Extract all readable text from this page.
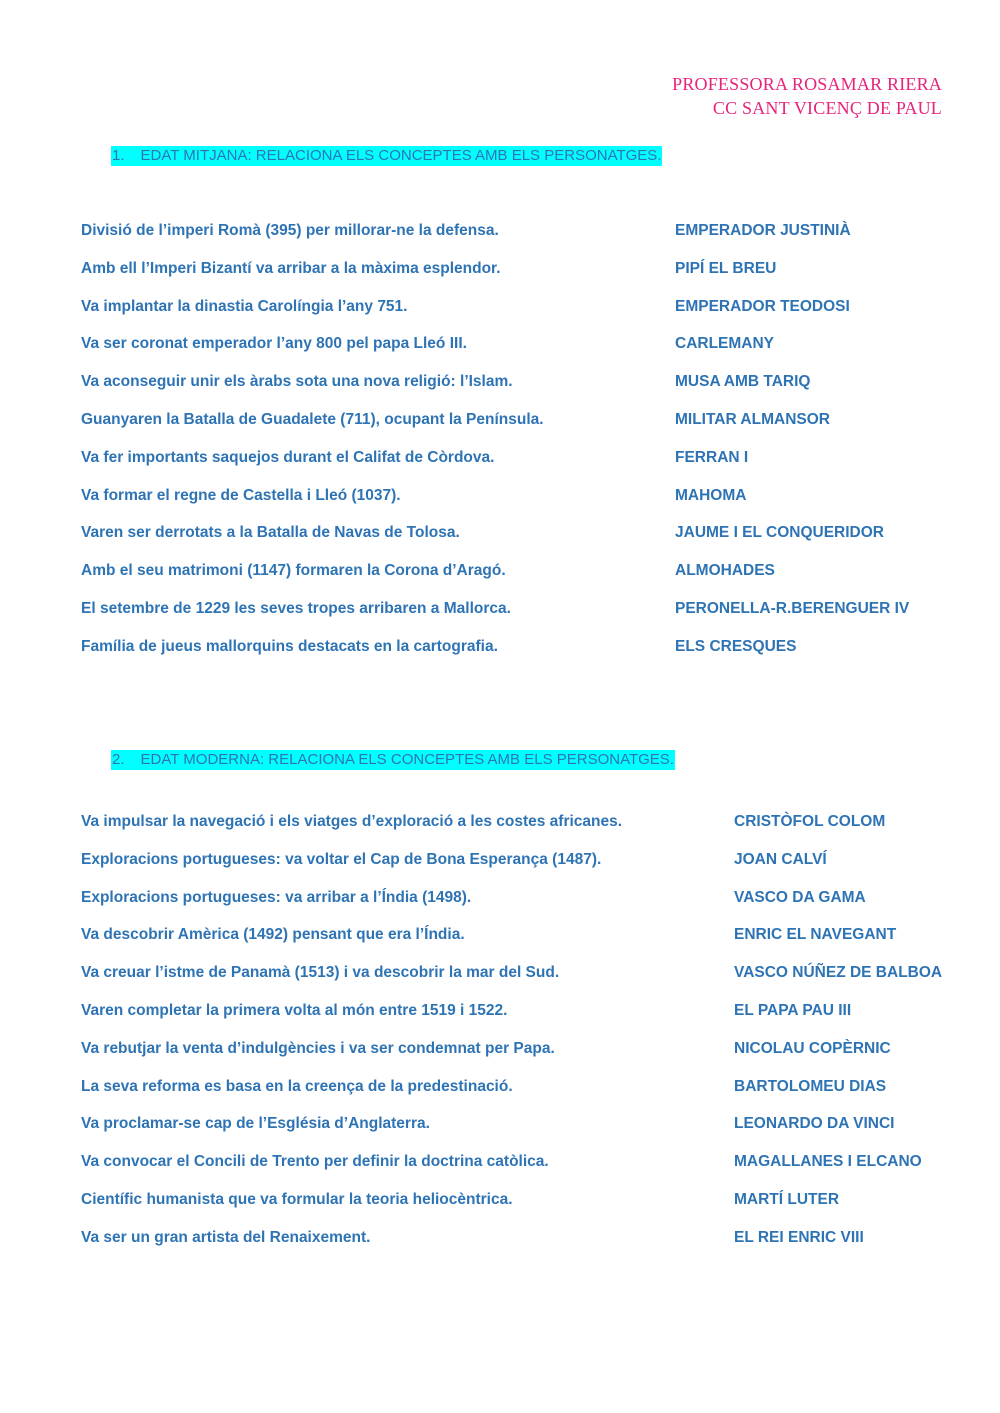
PROFESSORA ROSAMAR RIERA
CC SANT VICENÇ DE PAUL
1. EDAT MITJANA: RELACIONA ELS CONCEPTES AMB ELS PERSONATGES.
Divisió de l’imperi Romà (395) per millorar-ne la defensa.	EMPERADOR JUSTINIÀ
Amb ell l’Imperi Bizantí va arribar a la màxima esplendor.	PIPÍ EL BREU
Va implantar la dinastia Carolíngia l’any 751.	EMPERADOR TEODOSI
Va ser coronat emperador l’any 800 pel papa Lleó III.	CARLEMANY
Va aconseguir unir els àrabs sota una nova religió: l’Islam.	MUSA AMB TARIQ
Guanyaren la Batalla de Guadalete (711), ocupant la Península.	MILITAR ALMANSOR
Va fer importants saquejos durant el Califat de Còrdova.	FERRAN I
Va formar el regne de Castella i Lleó (1037).	MAHOMA
Varen ser derrotats a la Batalla de Navas de Tolosa.	JAUME I EL CONQUERIDOR
Amb el seu matrimoni (1147) formaren la Corona d’Aragó.	ALMOHADES
El setembre de 1229 les seves tropes arribaren a Mallorca.	PERONELLA-R.BERENGUER IV
Família de jueus mallorquins destacats en la cartografia.	ELS CRESQUES
2. EDAT MODERNA: RELACIONA ELS CONCEPTES AMB ELS PERSONATGES.
Va impulsar la navegació i els viatges d’exploració a les costes africanes.	CRISTÒFOL COLOM
Exploracions portugueses: va voltar el Cap de Bona Esperança (1487).	JOAN CALVÍ
Exploracions portugueses: va arribar a l’Índia (1498).	VASCO DA GAMA
Va descobrir Amèrica (1492) pensant que era l’Índia.	ENRIC EL NAVEGANT
Va creuar l’istme de Panamà (1513) i va descobrir la mar del Sud.	VASCO NÚÑEZ DE BALBOA
Varen completar la primera volta al món entre 1519 i 1522.	EL PAPA PAU III
Va rebutjar la venta d’indulgències i va ser condemnat per Papa.	NICOLAU COPÈRNIC
La seva reforma es basa en la creença de la predestinació.	BARTOLOMEU DIAS
Va proclamar-se cap de l’Església d’Anglaterra.	LEONARDO DA VINCI
Va convocar el Concili de Trento per definir la doctrina catòlica.	MAGALLANES I ELCANO
Científic humanista que va formular la teoria heliocèntrica.	MARTÍ LUTER
Va ser un gran artista del Renaixement.	EL REI ENRIC VIII
